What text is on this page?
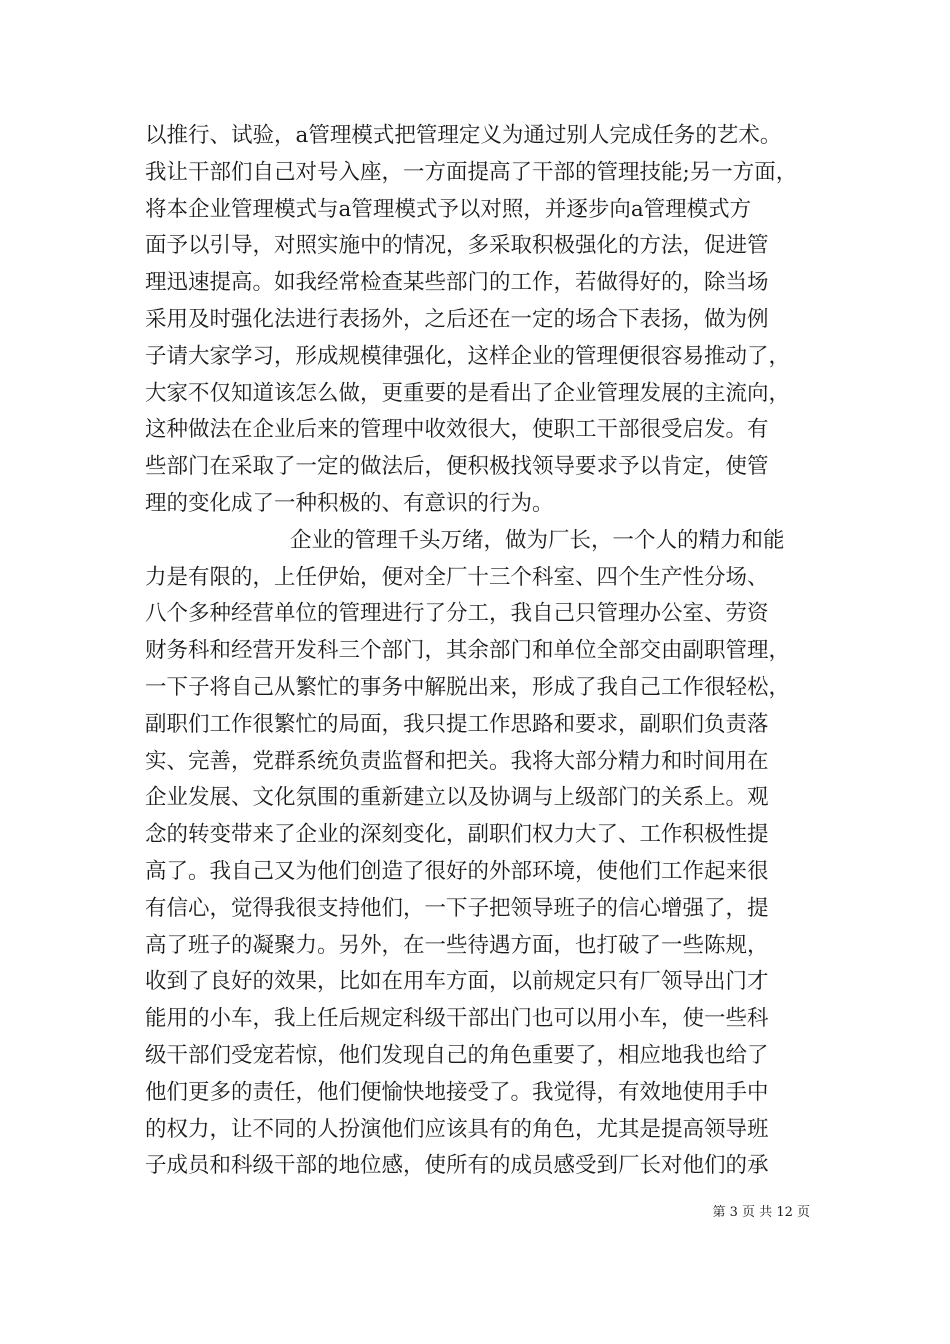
以推行、试验，a管理模式把管理定义为通过别人完成任务的艺术。
我让干部们自己对号入座，一方面提高了干部的管理技能;另一方面，
将本企业管理模式与a管理模式予以对照，并逐步向a管理模式方
面予以引导，对照实施中的情况，多采取积极强化的方法，促进管
理迅速提高。如我经常检查某些部门的工作，若做得好的，除当场
采用及时强化法进行表扬外，之后还在一定的场合下表扬，做为例
子请大家学习，形成规模律强化，这样企业的管理便很容易推动了，
大家不仅知道该怎么做，更重要的是看出了企业管理发展的主流向，
这种做法在企业后来的管理中收效很大，使职工干部很受启发。有
些部门在采取了一定的做法后，便积极找领导要求予以肯定，使管
理的变化成了一种积极的、有意识的行为。
企业的管理千头万绪，做为厂长，一个人的精力和能
力是有限的，上任伊始，便对全厂十三个科室、四个生产性分场、
八个多种经营单位的管理进行了分工，我自己只管理办公室、劳资
财务科和经营开发科三个部门，其余部门和单位全部交由副职管理，
一下子将自己从繁忙的事务中解脱出来，形成了我自己工作很轻松，
副职们工作很繁忙的局面，我只提工作思路和要求，副职们负责落
实、完善，党群系统负责监督和把关。我将大部分精力和时间用在
企业发展、文化氛围的重新建立以及协调与上级部门的关系上。观
念的转变带来了企业的深刻变化，副职们权力大了、工作积极性提
高了。我自己又为他们创造了很好的外部环境，使他们工作起来很
有信心，觉得我很支持他们，一下子把领导班子的信心增强了，提
高了班子的凝聚力。另外，在一些待遇方面，也打破了一些陈规，
收到了良好的效果，比如在用车方面，以前规定只有厂领导出门才
能用的小车，我上任后规定科级干部出门也可以用小车，使一些科
级干部们受宠若惊，他们发现自己的角色重要了，相应地我也给了
他们更多的责任，他们便愉快地接受了。我觉得，有效地使用手中
的权力，让不同的人扮演他们应该具有的角色，尤其是提高领导班
子成员和科级干部的地位感，使所有的成员感受到厂长对他们的承
第 3 页 共 12 页
